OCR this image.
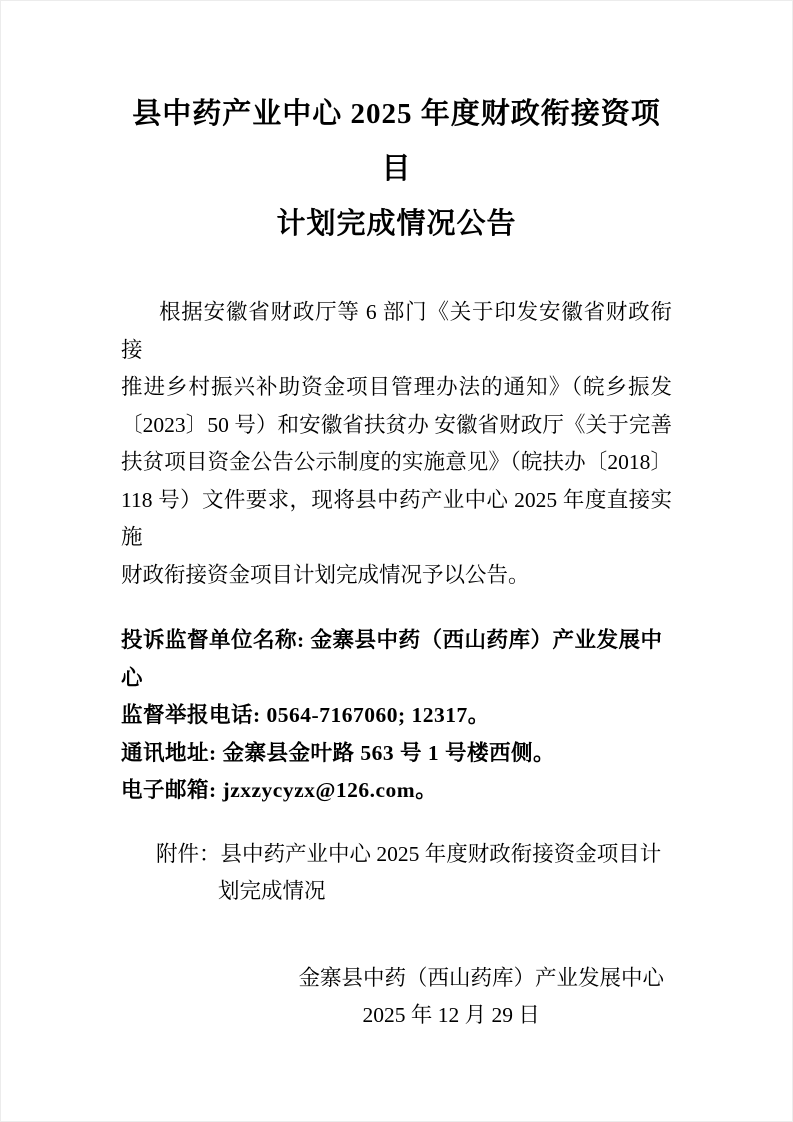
县中药产业中心 2025 年度财政衔接资项目
计划完成情况公告
根据安徽省财政厅等 6 部门《关于印发安徽省财政衔接
推进乡村振兴补助资金项目管理办法的通知》（皖乡振发
〔2023〕50 号）和安徽省扶贫办 安徽省财政厅《关于完善
扶贫项目资金公告公示制度的实施意见》（皖扶办〔2018〕
118 号）文件要求，现将县中药产业中心 2025 年度直接实施
财政衔接资金项目计划完成情况予以公告。
投诉监督单位名称: 金寨县中药（西山药库）产业发展中心
监督举报电话: 0564-7167060; 12317。
通讯地址: 金寨县金叶路 563 号 1 号楼西侧。
电子邮箱: jzxzycyzx@126.com。
附件：县中药产业中心 2025 年度财政衔接资金项目计
划完成情况
金寨县中药（西山药库）产业发展中心
2025 年 12 月 29 日
